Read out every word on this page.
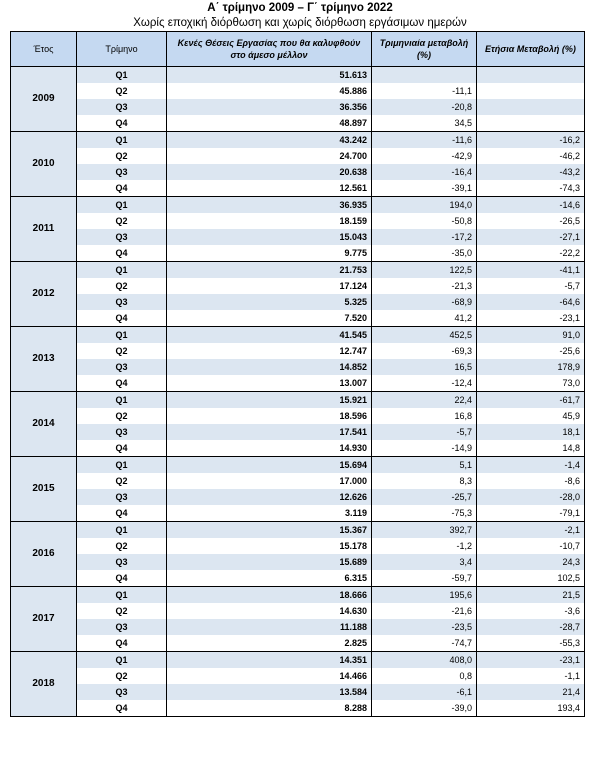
Α΄ τρίμηνο 2009 – Γ΄ τρίμηνο 2022
Χωρίς εποχική διόρθωση και χωρίς διόρθωση εργάσιμων ημερών
Έτος	Τρίμηνο	Κενές Θέσεις Εργασίας που θα καλυφθούν στο άμεσο μέλλον	Τριμηνιαία μεταβολή (%)	Ετήσια Μεταβολή (%)
2009	Q1	51.613		
	Q2	45.886	-11,1	
	Q3	36.356	-20,8	
	Q4	48.897	34,5	
2010	Q1	43.242	-11,6	-16,2
	Q2	24.700	-42,9	-46,2
	Q3	20.638	-16,4	-43,2
	Q4	12.561	-39,1	-74,3
2011	Q1	36.935	194,0	-14,6
	Q2	18.159	-50,8	-26,5
	Q3	15.043	-17,2	-27,1
	Q4	9.775	-35,0	-22,2
2012	Q1	21.753	122,5	-41,1
	Q2	17.124	-21,3	-5,7
	Q3	5.325	-68,9	-64,6
	Q4	7.520	41,2	-23,1
2013	Q1	41.545	452,5	91,0
	Q2	12.747	-69,3	-25,6
	Q3	14.852	16,5	178,9
	Q4	13.007	-12,4	73,0
2014	Q1	15.921	22,4	-61,7
	Q2	18.596	16,8	45,9
	Q3	17.541	-5,7	18,1
	Q4	14.930	-14,9	14,8
2015	Q1	15.694	5,1	-1,4
	Q2	17.000	8,3	-8,6
	Q3	12.626	-25,7	-28,0
	Q4	3.119	-75,3	-79,1
2016	Q1	15.367	392,7	-2,1
	Q2	15.178	-1,2	-10,7
	Q3	15.689	3,4	24,3
	Q4	6.315	-59,7	102,5
2017	Q1	18.666	195,6	21,5
	Q2	14.630	-21,6	-3,6
	Q3	11.188	-23,5	-28,7
	Q4	2.825	-74,7	-55,3
2018	Q1	14.351	408,0	-23,1
	Q2	14.466	0,8	-1,1
	Q3	13.584	-6,1	21,4
	Q4	8.288	-39,0	193,4
